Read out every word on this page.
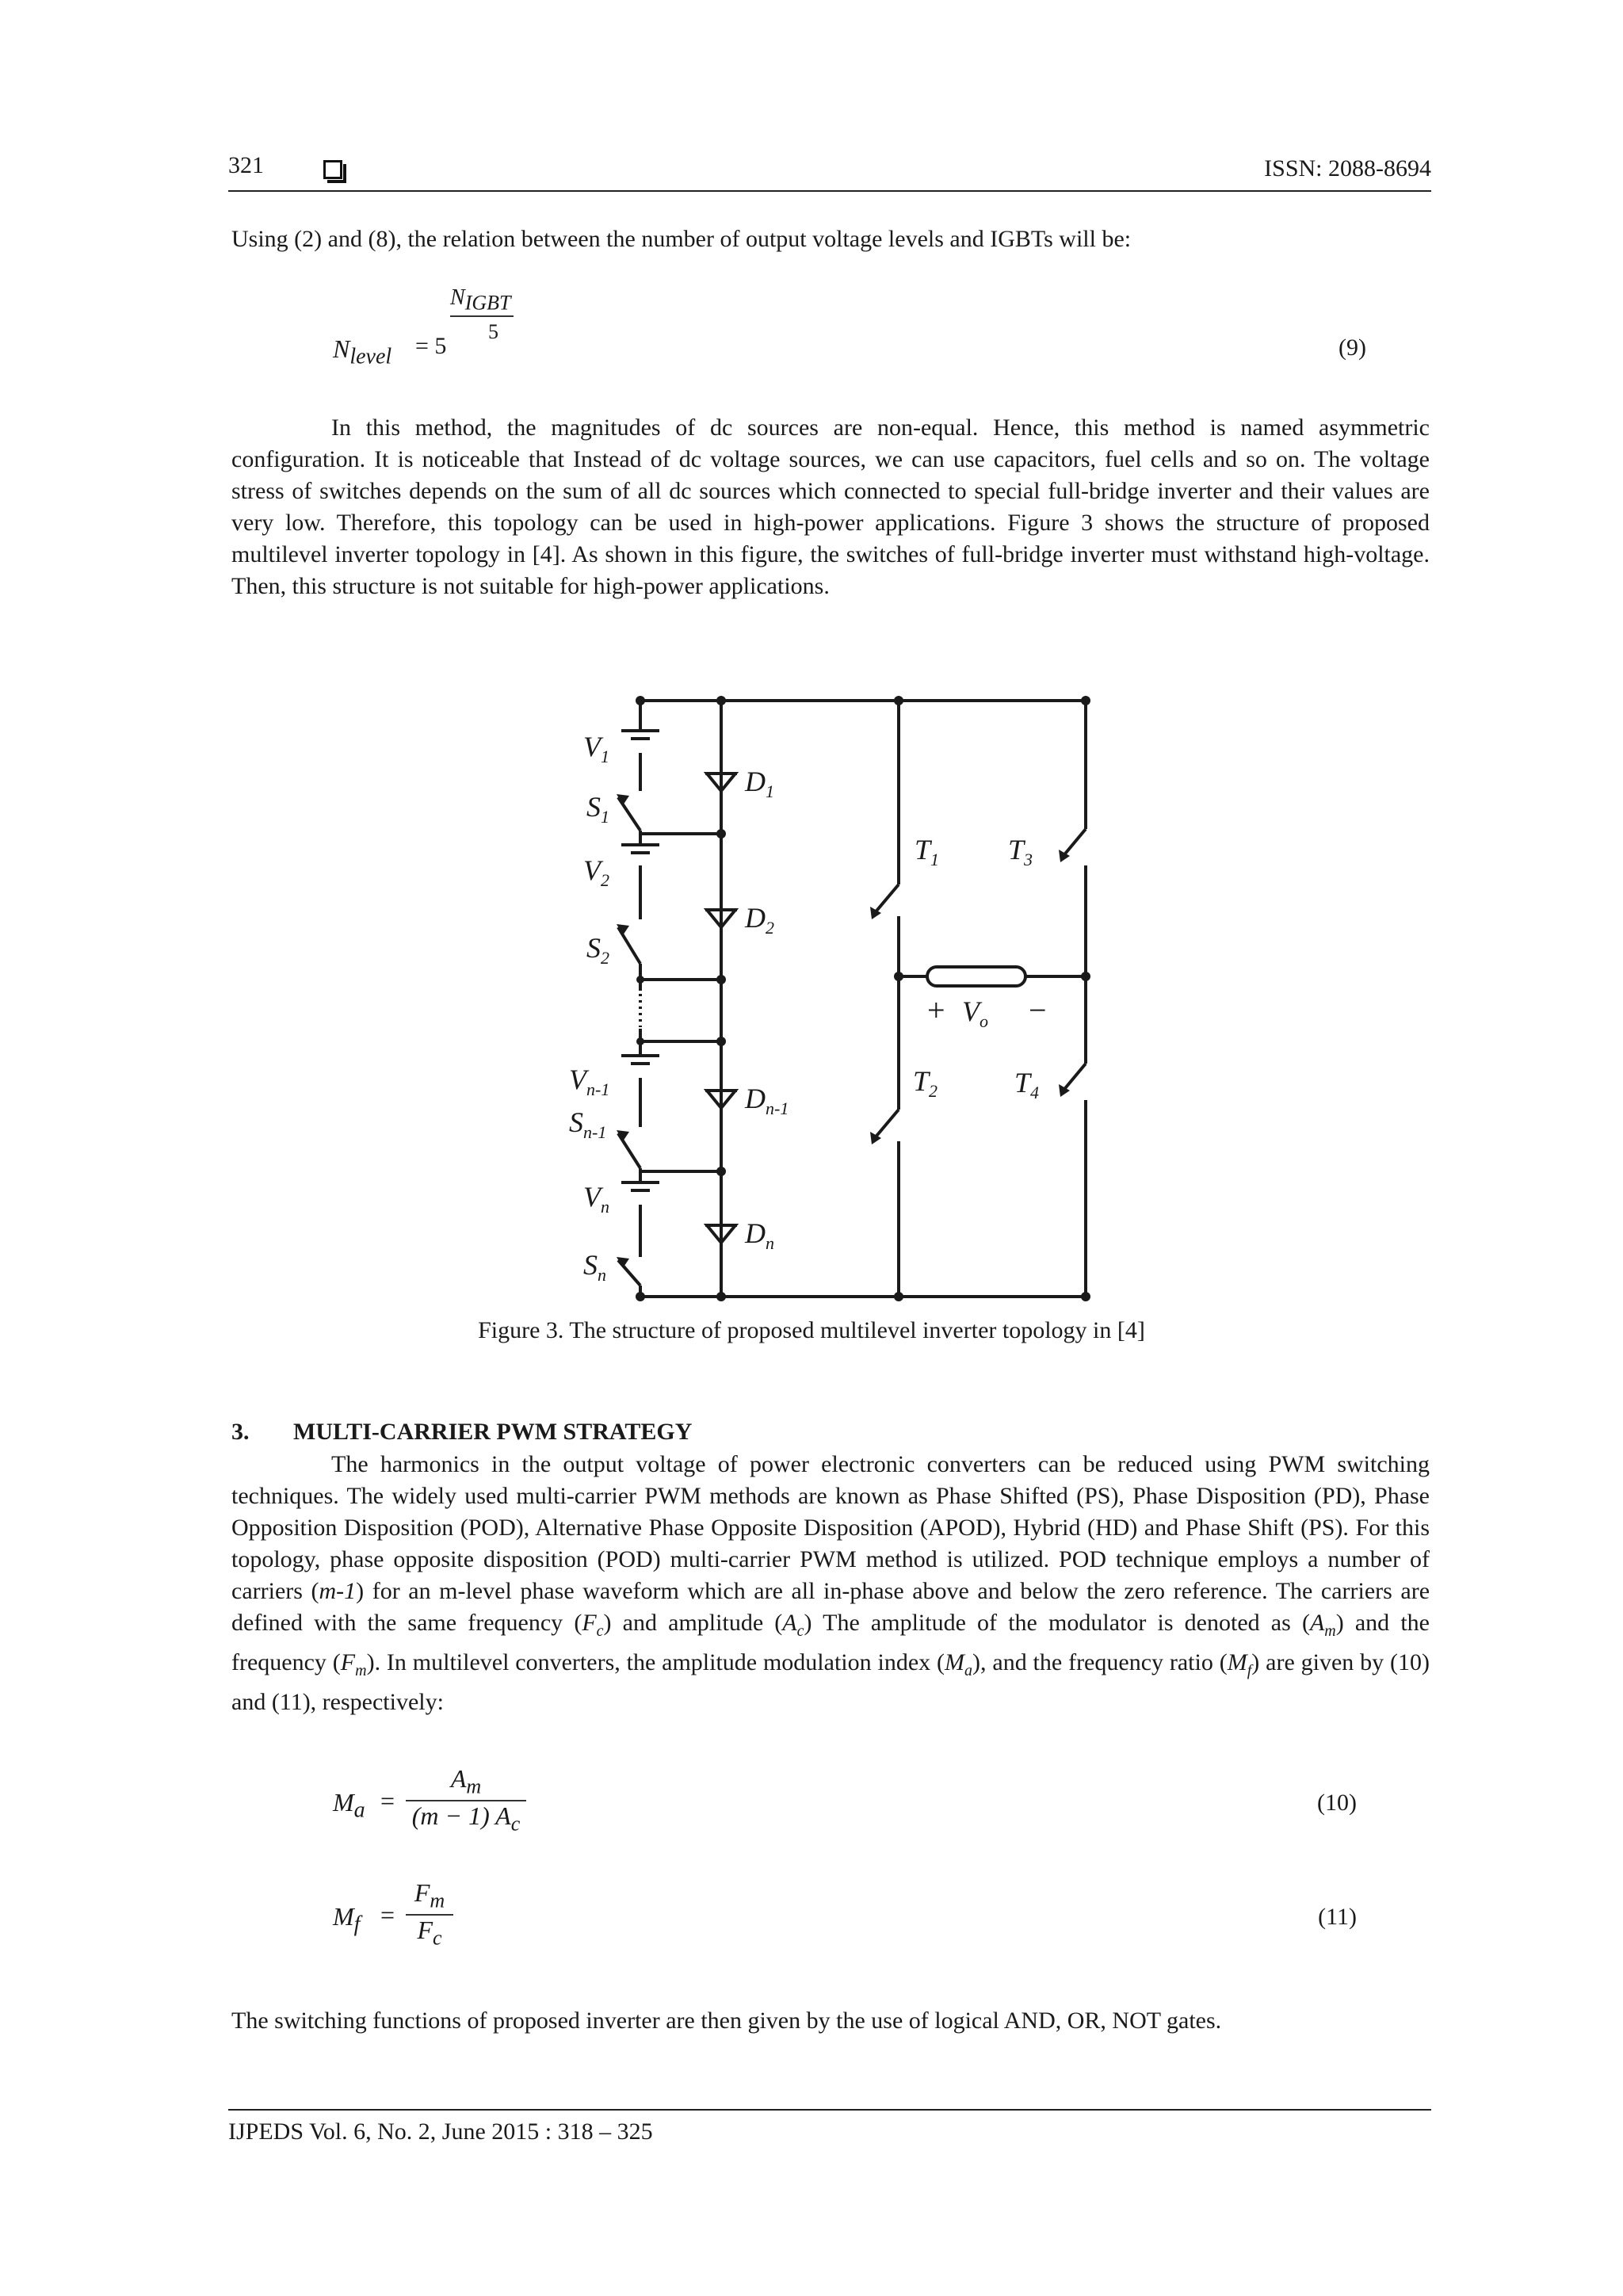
321	ISSN: 2088-8694

Using (2) and (8), the relation between the number of output voltage levels and IGBTs will be:

$N_{level} = 5$
$N_{IGBT}$
5
(9)

In this method, the magnitudes of dc sources are non-equal. Hence, this method is named asymmetric configuration. It is noticeable that Instead of dc voltage sources, we can use capacitors, fuel cells and so on. The voltage stress of switches depends on the sum of all dc sources which connected to special full-bridge inverter and their values are very low. Therefore, this topology can be used in high-power applications. Figure 3 shows the structure of proposed multilevel inverter topology in [4]. As shown in this figure, the switches of full-bridge inverter must withstand high-voltage. Then, this structure is not suitable for high-power applications.

$V_1$
$S_1$
$V_2$
$S_2$
$V_{n-1}$
$S_{n-1}$
$V_n$
$S_n$
$D_1$
$D_2$
$D_{n-1}$
$D_n$
$T_1$
$T_2$
$T_3$
$T_4$
+ $V_o$ −
Figure 3. The structure of proposed multilevel inverter topology in [4]
3. MULTI-CARRIER PWM STRATEGY

The harmonics in the output voltage of power electronic converters can be reduced using PWM switching techniques. The widely used multi-carrier PWM methods are known as Phase Shifted (PS), Phase Disposition (PD), Phase Opposition Disposition (POD), Alternative Phase Opposite Disposition (APOD), Hybrid (HD) and Phase Shift (PS). For this topology, phase opposite disposition (POD) multi-carrier PWM method is utilized. POD technique employs a number of carriers (m-1) for an m-level phase waveform which are all in-phase above and below the zero reference. The carriers are defined with the same frequency $(F_c)$ and amplitude $(A_c)$ The amplitude of the modulator is denoted as $(A_m)$ and the frequency $(F_m)$. In multilevel converters, the amplitude modulation index $(M_a)$, and the frequency ratio $(M_f)$ are given by (10) and (11), respectively:

$M_a = \frac{A_m}{(m - 1) A_c}$	(10)
$M_f = \frac{F_m}{F_c}$	(11)

The switching functions of proposed inverter are then given by the use of logical AND, OR, NOT gates.

IJPEDS Vol. 6, No. 2, June 2015 : 318 – 325
